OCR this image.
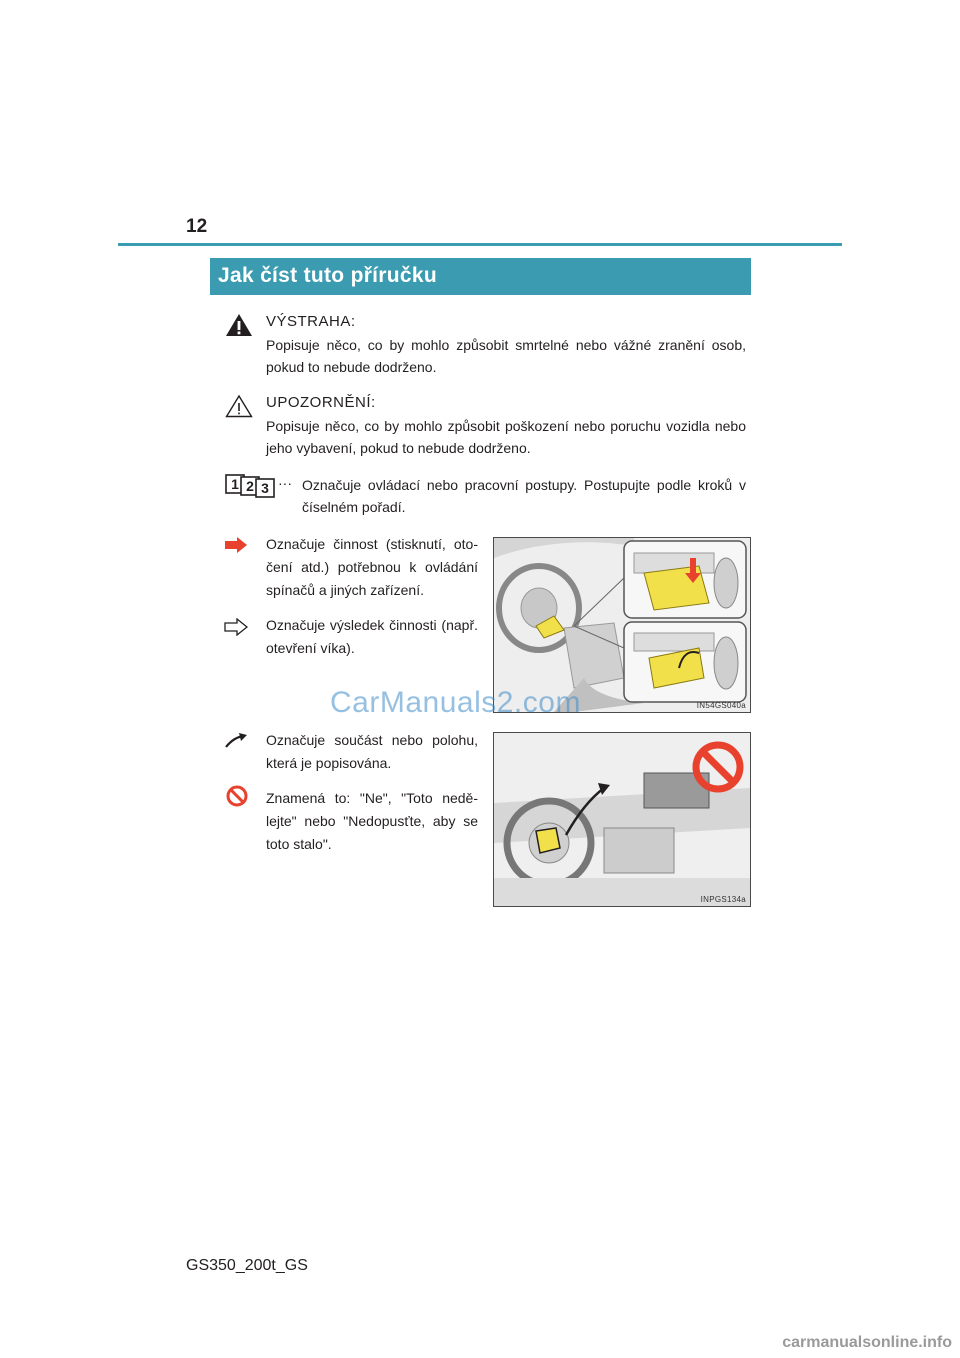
12
Jak číst tuto příručku
VÝSTRAHA:
Popisuje něco, co by mohlo způsobit smrtelné nebo vážné zranění osob, pokud to nebude dodrženo.
UPOZORNĚNÍ:
Popisuje něco, co by mohlo způsobit poškození nebo poruchu vozidla nebo jeho vybavení, pokud to nebude dodrženo.
1 2 3 ··· Označuje ovládací nebo pracovní postupy. Postupujte podle kroků v číselném pořadí.
Označuje činnost (stisknutí, oto-čení atd.) potřebnou k ovládání spínačů a jiných zařízení.
Označuje výsledek činnosti (např. otevření víka).
IN54GS040a
CarManuals2.com
Označuje součást nebo polohu, která je popisována.
Znamená to: "Ne", "Toto nedě-lejte" nebo "Nedopusťte, aby se toto stalo".
INPGS134a
GS350_200t_GS
carmanualsonline.info
